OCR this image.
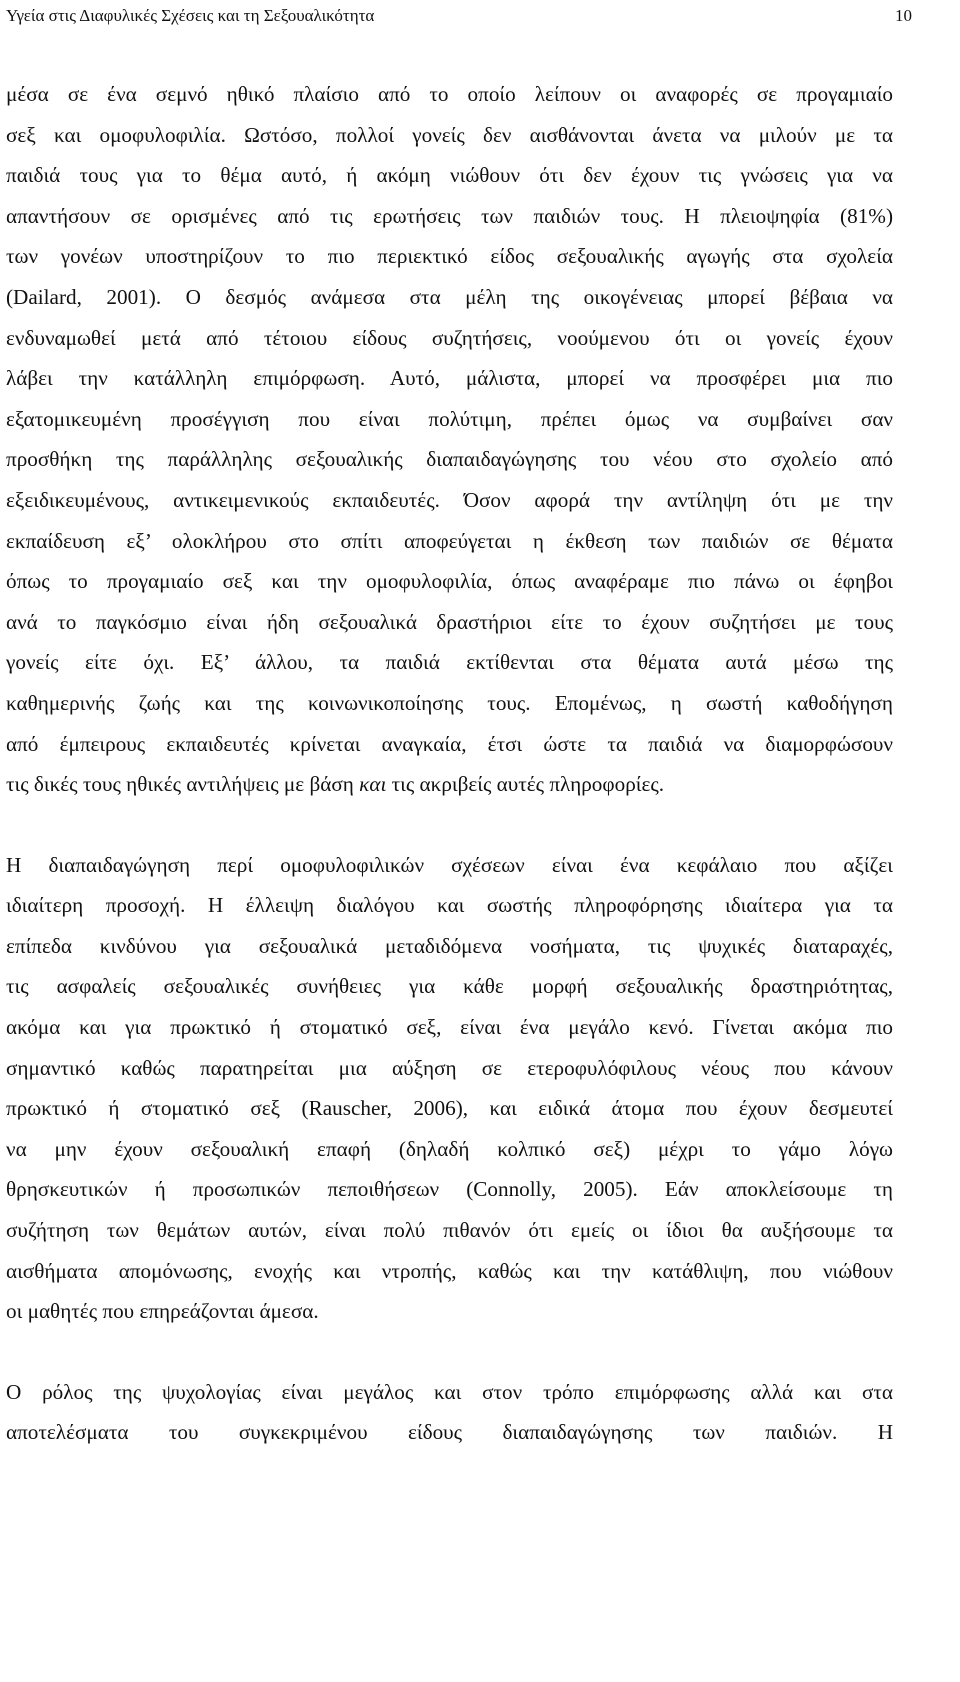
Υγεία στις Διαφυλικές Σχέσεις και τη Σεξουαλικότητα	10
μέσα σε ένα σεμνό ηθικό πλαίσιο από το οποίο λείπουν οι αναφορές σε προγαμιαίο
σεξ και ομοφυλοφιλία. Ωστόσο, πολλοί γονείς δεν αισθάνονται άνετα να μιλούν με τα
παιδιά τους για το θέμα αυτό, ή ακόμη νιώθουν ότι δεν έχουν τις γνώσεις για να
απαντήσουν σε ορισμένες από τις ερωτήσεις των παιδιών τους. Η πλειοψηφία (81%)
των γονέων υποστηρίζουν το πιο περιεκτικό είδος σεξουαλικής αγωγής στα σχολεία
(Dailard, 2001). Ο δεσμός ανάμεσα στα μέλη της οικογένειας μπορεί βέβαια να
ενδυναμωθεί μετά από τέτοιου είδους συζητήσεις, νοούμενου ότι οι γονείς έχουν
λάβει την κατάλληλη επιμόρφωση. Αυτό, μάλιστα, μπορεί να προσφέρει μια πιο
εξατομικευμένη προσέγγιση που είναι πολύτιμη, πρέπει όμως να συμβαίνει σαν
προσθήκη της παράλληλης σεξουαλικής διαπαιδαγώγησης του νέου στο σχολείο από
εξειδικευμένους, αντικειμενικούς εκπαιδευτές. Όσον αφορά την αντίληψη ότι με την
εκπαίδευση εξ’ ολοκλήρου στο σπίτι αποφεύγεται η έκθεση των παιδιών σε θέματα
όπως το προγαμιαίο σεξ και την ομοφυλοφιλία, όπως αναφέραμε πιο πάνω οι έφηβοι
ανά το παγκόσμιο είναι ήδη σεξουαλικά δραστήριοι είτε το έχουν συζητήσει με τους
γονείς είτε όχι. Εξ’ άλλου, τα παιδιά εκτίθενται στα θέματα αυτά μέσω της
καθημερινής ζωής και της κοινωνικοποίησης τους. Επομένως, η σωστή καθοδήγηση
από έμπειρους εκπαιδευτές κρίνεται αναγκαία, έτσι ώστε τα παιδιά να διαμορφώσουν
τις δικές τους ηθικές αντιλήψεις με βάση και τις ακριβείς αυτές πληροφορίες.
Η διαπαιδαγώγηση περί ομοφυλοφιλικών σχέσεων είναι ένα κεφάλαιο που αξίζει
ιδιαίτερη προσοχή. Η έλλειψη διαλόγου και σωστής πληροφόρησης ιδιαίτερα για τα
επίπεδα κινδύνου για σεξουαλικά μεταδιδόμενα νοσήματα, τις ψυχικές διαταραχές,
τις ασφαλείς σεξουαλικές συνήθειες για κάθε μορφή σεξουαλικής δραστηριότητας,
ακόμα και για πρωκτικό ή στοματικό σεξ, είναι ένα μεγάλο κενό. Γίνεται ακόμα πιο
σημαντικό καθώς παρατηρείται μια αύξηση σε ετεροφυλόφιλους νέους που κάνουν
πρωκτικό ή στοματικό σεξ (Rauscher, 2006), και ειδικά άτομα που έχουν δεσμευτεί
να μην έχουν σεξουαλική επαφή (δηλαδή κολπικό σεξ) μέχρι το γάμο λόγω
θρησκευτικών ή προσωπικών πεποιθήσεων (Connolly, 2005). Εάν αποκλείσουμε τη
συζήτηση των θεμάτων αυτών, είναι πολύ πιθανόν ότι εμείς οι ίδιοι θα αυξήσουμε τα
αισθήματα απομόνωσης, ενοχής και ντροπής, καθώς και την κατάθλιψη, που νιώθουν
οι μαθητές που επηρεάζονται άμεσα.
Ο ρόλος της ψυχολογίας είναι μεγάλος και στον τρόπο επιμόρφωσης αλλά και στα
αποτελέσματα του συγκεκριμένου είδους διαπαιδαγώγησης των παιδιών. Η
